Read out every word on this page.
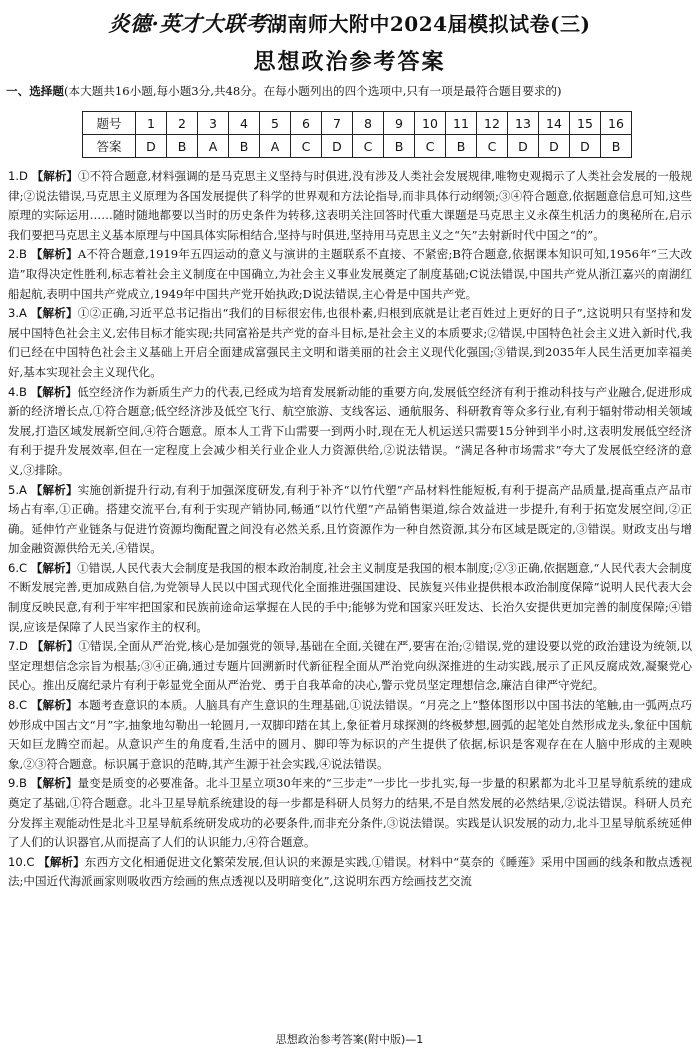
炎德·英才大联考湖南师大附中2024届模拟试卷(三)
思想政治参考答案
一、选择题(本大题共16小题,每小题3分,共48分。在每小题列出的四个选项中,只有一项是最符合题目要求的)
题号	1	2	3	4	5	6	7	8	9	10	11	12	13	14	15	16
答案	D	B	A	B	A	C	D	C	B	C	B	C	D	D	D	B
1.D 【解析】①不符合题意,材料强调的是马克思主义坚持与时俱进,没有涉及人类社会发展规律,唯物史观揭示了人类社会发展的一般规律;②说法错误,马克思主义原理为各国发展提供了科学的世界观和方法论指导,而非具体行动纲领;③④符合题意,依据题意信息可知,这些原理的实际运用……随时随地都要以当时的历史条件为转移,这表明关注回答时代重大课题是马克思主义永葆生机活力的奥秘所在,启示我们要把马克思主义基本原理与中国具体实际相结合,坚持与时俱进,坚持用马克思主义之“矢”去射新时代中国之“的”。
2.B 【解析】A不符合题意,1919年五四运动的意义与演讲的主题联系不直接、不紧密;B符合题意,依据课本知识可知,1956年“三大改造”取得决定性胜利,标志着社会主义制度在中国确立,为社会主义事业发展奠定了制度基础;C说法错误,中国共产党从浙江嘉兴的南湖红船起航,表明中国共产党成立,1949年中国共产党开始执政;D说法错误,主心骨是中国共产党。
3.A 【解析】①②正确,习近平总书记指出“我们的目标很宏伟,也很朴素,归根到底就是让老百姓过上更好的日子”,这说明只有坚持和发展中国特色社会主义,宏伟目标才能实现;共同富裕是共产党的奋斗目标,是社会主义的本质要求;②错误,中国特色社会主义进入新时代,我们已经在中国特色社会主义基础上开启全面建成富强民主文明和谐美丽的社会主义现代化强国;③错误,到2035年人民生活更加幸福美好,基本实现社会主义现代化。
4.B 【解析】低空经济作为新质生产力的代表,已经成为培育发展新动能的重要方向,发展低空经济有利于推动科技与产业融合,促进形成新的经济增长点,①符合题意;低空经济涉及低空飞行、航空旅游、支线客运、通航服务、科研教育等众多行业,有利于辐射带动相关领域发展,打造区域发展新空间,④符合题意。原本人工背下山需要一到两小时,现在无人机运送只需要15分钟到半小时,这表明发展低空经济有利于提升发展效率,但在一定程度上会减少相关行业企业人力资源供给,②说法错误。“满足各种市场需求”夸大了发展低空经济的意义,③排除。
5.A 【解析】实施创新提升行动,有利于加强深度研发,有利于补齐“以竹代塑”产品材料性能短板,有利于提高产品质量,提高重点产品市场占有率,①正确。搭建交流平台,有利于实现产销协同,畅通“以竹代塑”产品销售渠道,综合效益进一步提升,有利于拓宽发展空间,②正确。延伸竹产业链条与促进竹资源均衡配置之间没有必然关系,且竹资源作为一种自然资源,其分布区域是既定的,③错误。财政支出与增加金融资源供给无关,④错误。
6.C 【解析】①错误,人民代表大会制度是我国的根本政治制度,社会主义制度是我国的根本制度;②③正确,依据题意,“人民代表大会制度不断发展完善,更加成熟自信,为党领导人民以中国式现代化全面推进强国建设、民族复兴伟业提供根本政治制度保障”说明人民代表大会制度反映民意,有利于牢牢把国家和民族前途命运掌握在人民的手中;能够为党和国家兴旺发达、长治久安提供更加完善的制度保障;④错误,应该是保障了人民当家作主的权利。
7.D 【解析】①错误,全面从严治党,核心是加强党的领导,基础在全面,关键在严,要害在治;②错误,党的建设要以党的政治建设为统领,以坚定理想信念宗旨为根基;③④正确,通过专题片回溯新时代新征程全面从严治党向纵深推进的生动实践,展示了正风反腐成效,凝聚党心民心。推出反腐纪录片有利于彰显党全面从严治党、勇于自我革命的决心,警示党员坚定理想信念,廉洁自律严守党纪。
8.C 【解析】本题考查意识的本质。人脑具有产生意识的生理基础,①说法错误。“月亮之上”整体图形以中国书法的笔触,由一弧两点巧妙形成中国古文“月”字,抽象地勾勒出一轮圆月,一双脚印踏在其上,象征着月球探测的终极梦想,圆弧的起笔处自然形成龙头,象征中国航天如巨龙腾空而起。从意识产生的角度看,生活中的圆月、脚印等为标识的产生提供了依据,标识是客观存在在人脑中形成的主观映象,②③符合题意。标识属于意识的范畴,其产生源于社会实践,④说法错误。
9.B 【解析】量变是质变的必要准备。北斗卫星立项30年来的“三步走”一步比一步扎实,每一步量的积累都为北斗卫星导航系统的建成奠定了基础,①符合题意。北斗卫星导航系统建设的每一步都是科研人员努力的结果,不是自然发展的必然结果,②说法错误。科研人员充分发挥主观能动性是北斗卫星导航系统研发成功的必要条件,而非充分条件,③说法错误。实践是认识发展的动力,北斗卫星导航系统延伸了人们的认识器官,从而提高了人们的认识能力,④符合题意。
10.C 【解析】东西方文化相通促进文化繁荣发展,但认识的来源是实践,①错误。材料中“莫奈的《睡莲》采用中国画的线条和散点透视法;中国近代海派画家则吸收西方绘画的焦点透视以及明暗变化”,这说明东西方绘画技艺交流
思想政治参考答案(附中版)—1
